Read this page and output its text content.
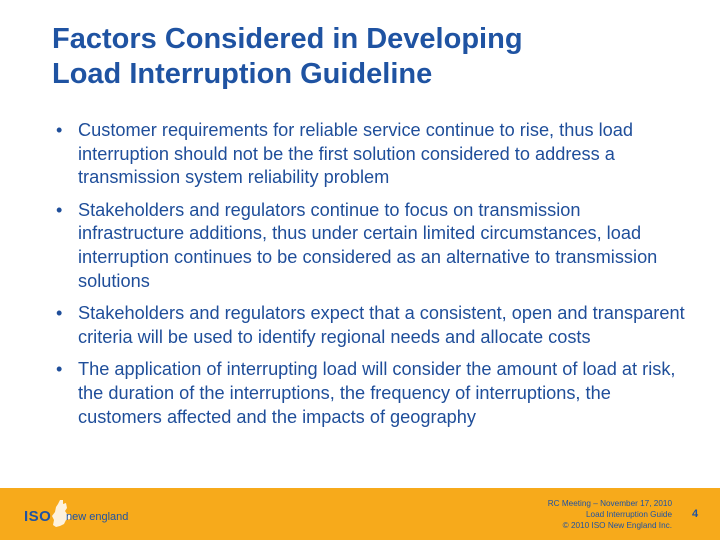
Factors Considered in Developing
Load Interruption Guideline
• Customer requirements for reliable service continue to rise, thus load interruption should not be the first solution considered to address a transmission system reliability problem
• Stakeholders and regulators continue to focus on transmission infrastructure additions, thus under certain limited circumstances, load interruption continues to be considered as an alternative to transmission solutions
• Stakeholders and regulators expect that a consistent, open and transparent criteria will be used to identify regional needs and allocate costs
• The application of interrupting load will consider the amount of load at risk, the duration of the interruptions, the frequency of interruptions, the customers affected and the impacts of geography
ISO new england
RC Meeting – November 17, 2010
Load Interruption Guide
© 2010 ISO New England Inc.
4
